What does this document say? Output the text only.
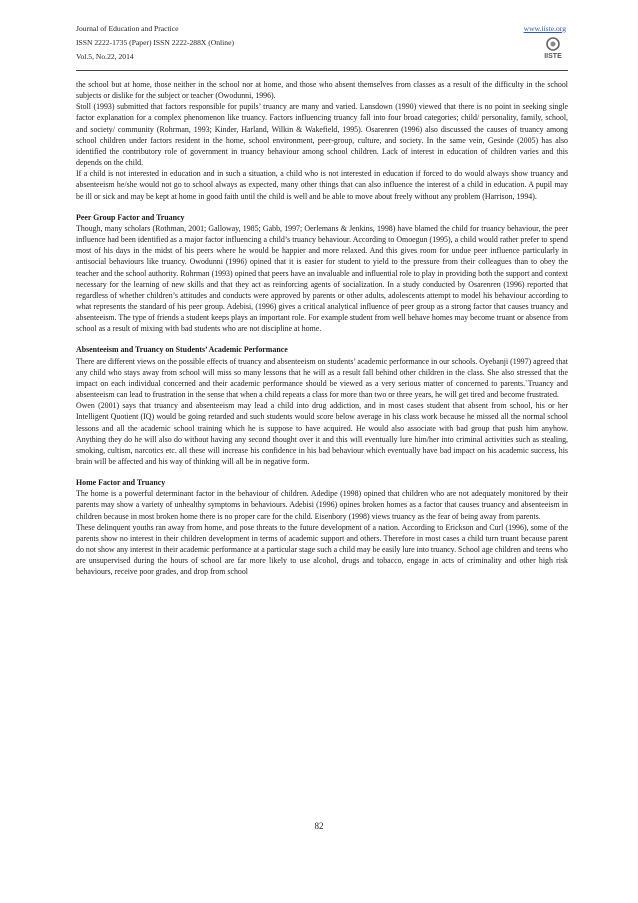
Journal of Education and Practice
ISSN 2222-1735 (Paper) ISSN 2222-288X (Online)
Vol.5, No.22, 2014
www.iiste.org
IISTE

the school but at home, those neither in the school nor at home, and those who absent themselves from classes as a result of the difficulty in the school subjects or dislike for the subject or teacher (Owodunni, 1996).

Stoll (1993) submitted that factors responsible for pupils’ truancy are many and varied. Lansdown (1990) viewed that there is no point in seeking single factor explanation for a complex phenomenon like truancy. Factors influencing truancy fall into four broad categories; child/ personality, family, school, and society/ community (Rohrman, 1993; Kinder, Harland, Wilkin & Wakefield, 1995). Osarenren (1996) also discussed the causes of truancy among school children under factors resident in the home, school environment, peer-group, culture, and society. In the same vein, Gesinde (2005) has also identified the contributory role of government in truancy behaviour among school children. Lack of interest in education of children varies and this depends on the child.

If a child is not interested in education and in such a situation, a child who is not interested in education if forced to do would always show truancy and absenteeism he/she would not go to school always as expected, many other things that can also influence the interest of a child in education. A pupil may be ill or sick and may be kept at home in good faith until the child is well and be able to move about freely without any problem (Harrison, 1994).

Peer Group Factor and Truancy

Though, many scholars (Rothman, 2001; Galloway, 1985; Gabb, 1997; Oerlemans & Jenkins, 1998) have blamed the child for truancy behaviour, the peer influence had been identified as a major factor influencing a child’s truancy behaviour. According to Omoegun (1995), a child would rather prefer to spend most of his days in the midst of his peers where he would be happier and more relaxed. And this gives room for undue peer influence particularly in antisocial behaviours like truancy. Owodunni (1996) opined that it is easier for student to yield to the pressure from their colleagues than to obey the teacher and the school authority. Rohrman (1993) opined that peers have an invaluable and influential role to play in providing both the support and context necessary for the learning of new skills and that they act as reinforcing agents of socialization. In a study conducted by Osarenren (1996) reported that regardless of whether children’s attitudes and conducts were approved by parents or other adults, adolescents attempt to model his behaviour according to what represents the standard of his peer group. Adebisi, (1996) gives a critical analytical influence of peer group as a strong factor that causes truancy and absenteeism. The type of friends a student keeps plays an important role. For example student from well behave homes may become truant or absence from school as a result of mixing with bad students who are not discipline at home.

Absenteeism and Truancy on Students’ Academic Performance

There are different views on the possible effects of truancy and absenteeism on students’ academic performance in our schools. Oyebanji (1997) agreed that any child who stays away from school will miss so many lessons that he will as a result fall behind other children in the class. She also stressed that the impact on each individual concerned and their academic performance should be viewed as a very serious matter of concerned to parents.`Truancy and absenteeism can lead to frustration in the sense that when a child repeats a class for more than two or three years, he will get tired and become frustrated.

Owen (2001) says that truancy and absenteeism may lead a child into drug addiction, and in most cases student that absent from school, his or her Intelligent Quotient (IQ) would be going retarded and such students would score below average in his class work because he missed all the normal school lessons and all the academic school training which he is suppose to have acquired. He would also associate with bad group that push him anyhow. Anything they do he will also do without having any second thought over it and this will eventually lure him/her into criminal activities such as stealing, smoking, cultism, narcotics etc. all these will increase his confidence in his bad behaviour which eventually have bad impact on his academic success, his brain will be affected and his way of thinking will all be in negative form.

Home Factor and Truancy

The home is a powerful determinant factor in the behaviour of children. Adedipe (1998) opined that children who are not adequately monitored by their parents may show a variety of unhealthy symptoms in behaviours. Adebisi (1996) opines broken homes as a factor that causes truancy and absenteeism in children because in most broken home there is no proper care for the child. Eisenbory (1998) views truancy as the fear of being away from parents.

These delinquent youths ran away from home, and pose threats to the future development of a nation. According to Erickson and Curl (1996), some of the parents show no interest in their children development in terms of academic support and others. Therefore in most cases a child turn truant because parent do not show any interest in their academic performance at a particular stage such a child may be easily lure into truancy. School age children and teens who are unsupervised during the hours of school are far more likely to use alcohol, drugs and tobacco, engage in acts of criminality and other high risk behaviours, receive poor grades, and drop from school

82
